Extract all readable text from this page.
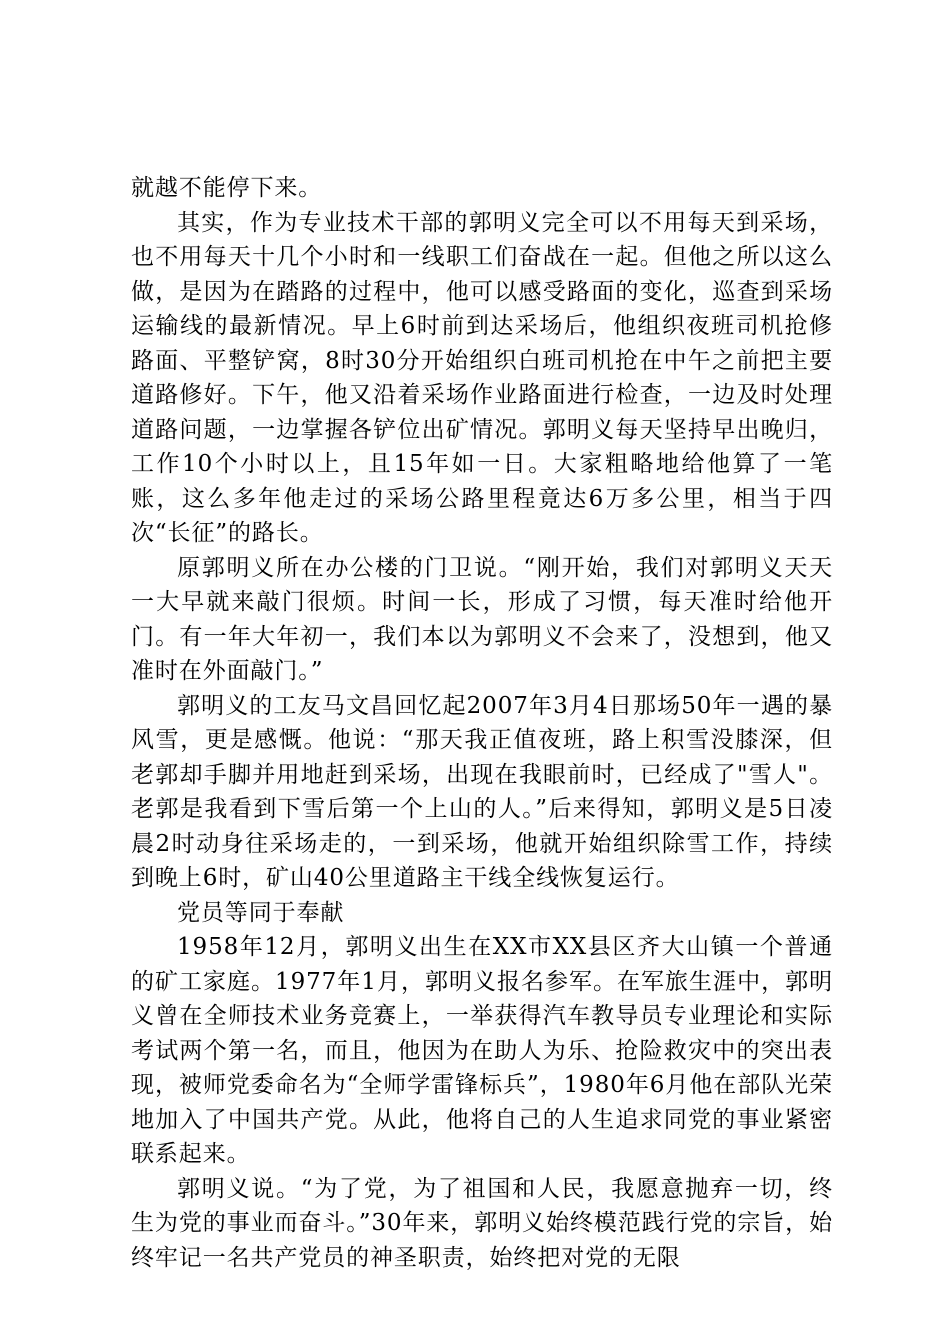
就越不能停下来。

其实，作为专业技术干部的郭明义完全可以不用每天到采场，也不用每天十几个小时和一线职工们奋战在一起。但他之所以这么做，是因为在踏路的过程中，他可以感受路面的变化，巡查到采场运输线的最新情况。早上6时前到达采场后，他组织夜班司机抢修路面、平整铲窝，8时30分开始组织白班司机抢在中午之前把主要道路修好。下午，他又沿着采场作业路面进行检查，一边及时处理道路问题，一边掌握各铲位出矿情况。郭明义每天坚持早出晚归，工作10个小时以上，且15年如一日。大家粗略地给他算了一笔账，这么多年他走过的采场公路里程竟达6万多公里，相当于四次“长征”的路长。

原郭明义所在办公楼的门卫说。“刚开始，我们对郭明义天天一大早就来敲门很烦。时间一长，形成了习惯，每天准时给他开门。有一年大年初一，我们本以为郭明义不会来了，没想到，他又准时在外面敲门。”

郭明义的工友马文昌回忆起2007年3月4日那场50年一遇的暴风雪，更是感慨。他说：“那天我正值夜班，路上积雪没膝深，但老郭却手脚并用地赶到采场，出现在我眼前时，已经成了"雪人"。老郭是我看到下雪后第一个上山的人。”后来得知，郭明义是5日凌晨2时动身往采场走的，一到采场，他就开始组织除雪工作，持续到晚上6时，矿山40公里道路主干线全线恢复运行。

党员等同于奉献

1958年12月，郭明义出生在XX市XX县区齐大山镇一个普通的矿工家庭。1977年1月，郭明义报名参军。在军旅生涯中，郭明义曾在全师技术业务竞赛上，一举获得汽车教导员专业理论和实际考试两个第一名，而且，他因为在助人为乐、抢险救灾中的突出表现，被师党委命名为“全师学雷锋标兵”，1980年6月他在部队光荣地加入了中国共产党。从此，他将自己的人生追求同党的事业紧密联系起来。

郭明义说。“为了党，为了祖国和人民，我愿意抛弃一切，终生为党的事业而奋斗。”30年来，郭明义始终模范践行党的宗旨，始终牢记一名共产党员的神圣职责，始终把对党的无限
